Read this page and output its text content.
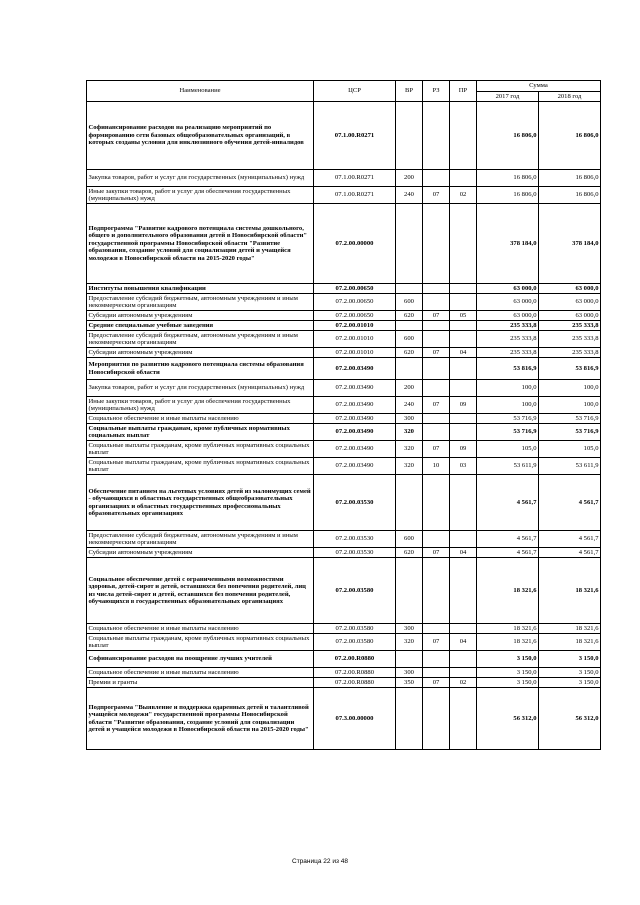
Наименование	ЦСР	ВР	РЗ	ПР	Сумма	
					2017 год	2018 год
Софинансирование расходов на реализацию мероприятий по формированию сети базовых общеобразовательных организаций, в которых созданы условия для инклюзивного обучения детей-инвалидов	07.1.00.R0271				16 806,0	16 806,0
Закупка товаров, работ и услуг для государственных (муниципальных) нужд	07.1.00.R0271	200			16 806,0	16 806,0
Иные закупки товаров, работ и услуг для обеспечения государственных (муниципальных) нужд	07.1.00.R0271	240	07	02	16 806,0	16 806,0
Подпрограмма "Развитие кадрового потенциала системы дошкольного, общего и дополнительного образования детей в Новосибирской области" государственной программы Новосибирской области "Развитие образования, создание условий для социализации детей и учащейся молодежи в Новосибирской области на 2015-2020 годы"	07.2.00.00000				378 184,0	378 184,0
Институты повышения квалификации	07.2.00.00650				63 000,0	63 000,0
Предоставление субсидий бюджетным, автономным учреждениям и иным некоммерческим организациям	07.2.00.00650	600			63 000,0	63 000,0
Субсидии автономным учреждениям	07.2.00.00650	620	07	05	63 000,0	63 000,0
Средние специальные учебные заведения	07.2.00.01010				235 333,8	235 333,8
Предоставление субсидий бюджетным, автономным учреждениям и иным некоммерческим организациям	07.2.00.01010	600			235 333,8	235 333,8
Субсидии автономным учреждениям	07.2.00.01010	620	07	04	235 333,8	235 333,8
Мероприятия по развитию кадрового потенциала системы образования Новосибирской области	07.2.00.03490				53 816,9	53 816,9
Закупка товаров, работ и услуг для государственных (муниципальных) нужд	07.2.00.03490	200			100,0	100,0
Иные закупки товаров, работ и услуг для обеспечения государственных (муниципальных) нужд	07.2.00.03490	240	07	09	100,0	100,0
Социальное обеспечение и иные выплаты населению	07.2.00.03490	300			53 716,9	53 716,9
Социальные выплаты гражданам, кроме публичных нормативных социальных выплат	07.2.00.03490	320			53 716,9	53 716,9
Социальные выплаты гражданам, кроме публичных нормативных социальных выплат	07.2.00.03490	320	07	09	105,0	105,0
Социальные выплаты гражданам, кроме публичных нормативных социальных выплат	07.2.00.03490	320	10	03	53 611,9	53 611,9
Обеспечение питанием на льготных условиях детей из малоимущих семей - обучающихся в областных государственных общеобразовательных организациях и областных государственных профессиональных образовательных организациях	07.2.00.03530				4 561,7	4 561,7
Предоставление субсидий бюджетным, автономным учреждениям и иным некоммерческим организациям	07.2.00.03530	600			4 561,7	4 561,7
Субсидии автономным учреждениям	07.2.00.03530	620	07	04	4 561,7	4 561,7
Социальное обеспечение детей с ограниченными возможностями здоровья, детей-сирот и детей, оставшихся без попечения родителей, лиц из числа детей-сирот и детей, оставшихся без попечения родителей, обучающихся в государственных образовательных организациях	07.2.00.03580				18 321,6	18 321,6
Социальное обеспечение и иные выплаты населению	07.2.00.03580	300			18 321,6	18 321,6
Социальные выплаты гражданам, кроме публичных нормативных социальных выплат	07.2.00.03580	320	07	04	18 321,6	18 321,6
Софинансирование расходов на поощрение лучших учителей	07.2.00.R0880				3 150,0	3 150,0
Социальное обеспечение и иные выплаты населению	07.2.00.R0880	300			3 150,0	3 150,0
Премии и гранты	07.2.00.R0880	350	07	02	3 150,0	3 150,0
Подпрограмма "Выявление и поддержка одаренных детей и талантливой учащейся молодежи" государственной программы Новосибирской области "Развитие образования, создание условий для социализации детей и учащейся молодежи в Новосибирской области на 2015-2020 годы"	07.3.00.00000				56 312,0	56 312,0
Страница 22 из 48
